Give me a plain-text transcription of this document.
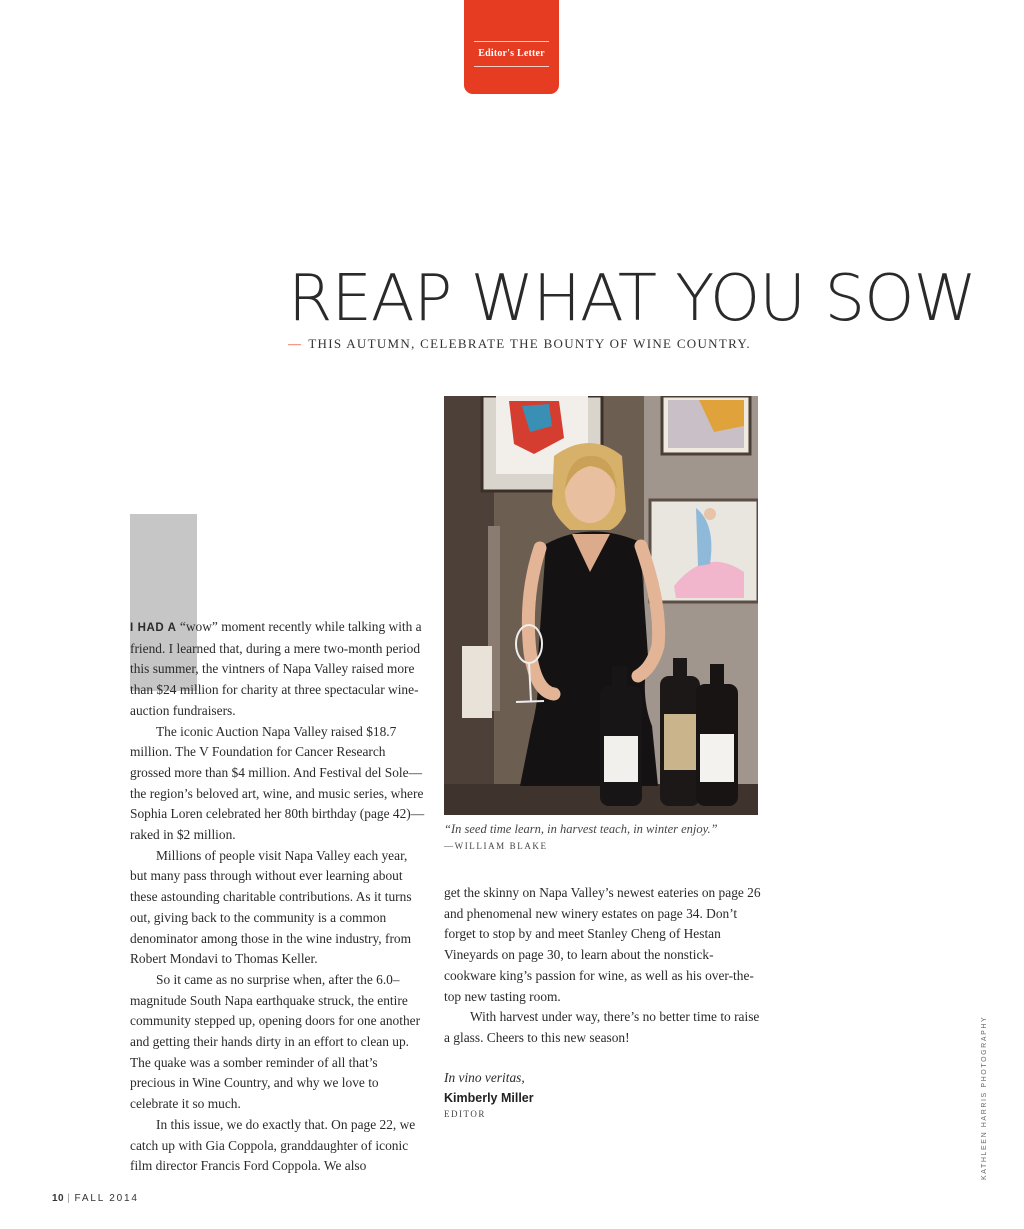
Editor's Letter
REAP WHAT YOU SOW
— THIS AUTUMN, CELEBRATE THE BOUNTY OF WINE COUNTRY.

I HAD A “wow” moment recently while talking with a friend. I learned that, during a mere two-month period this summer, the vintners of Napa Valley raised more than $24 million for charity at three spectacular wine-auction fundraisers.

The iconic Auction Napa Valley raised $18.7 million. The V Foundation for Cancer Research grossed more than $4 million. And Festival del Sole—the region’s beloved art, wine, and music series, where Sophia Loren celebrated her 80th birthday (page 42)—raked in $2 million.

Millions of people visit Napa Valley each year, but many pass through without ever learning about these astounding charitable contributions. As it turns out, giving back to the community is a common denominator among those in the wine industry, from Robert Mondavi to Thomas Keller.

So it came as no surprise when, after the 6.0–magnitude South Napa earthquake struck, the entire community stepped up, opening doors for one another and getting their hands dirty in an effort to clean up. The quake was a somber reminder of all that’s precious in Wine Country, and why we love to celebrate it so much.

In this issue, we do exactly that. On page 22, we catch up with Gia Coppola, granddaughter of iconic film director Francis Ford Coppola. We also

“In seed time learn, in harvest teach, in winter enjoy.”
—WILLIAM BLAKE

get the skinny on Napa Valley’s newest eateries on page 26 and phenomenal new winery estates on page 34. Don’t forget to stop by and meet Stanley Cheng of Hestan Vineyards on page 30, to learn about the nonstick-cookware king’s passion for wine, as well as his over-the-top new tasting room.

With harvest under way, there’s no better time to raise a glass. Cheers to this new season!

In vino veritas,
Kimberly Miller
EDITOR
10 | FALL 2014
KATHLEEN HARRIS PHOTOGRAPHY
